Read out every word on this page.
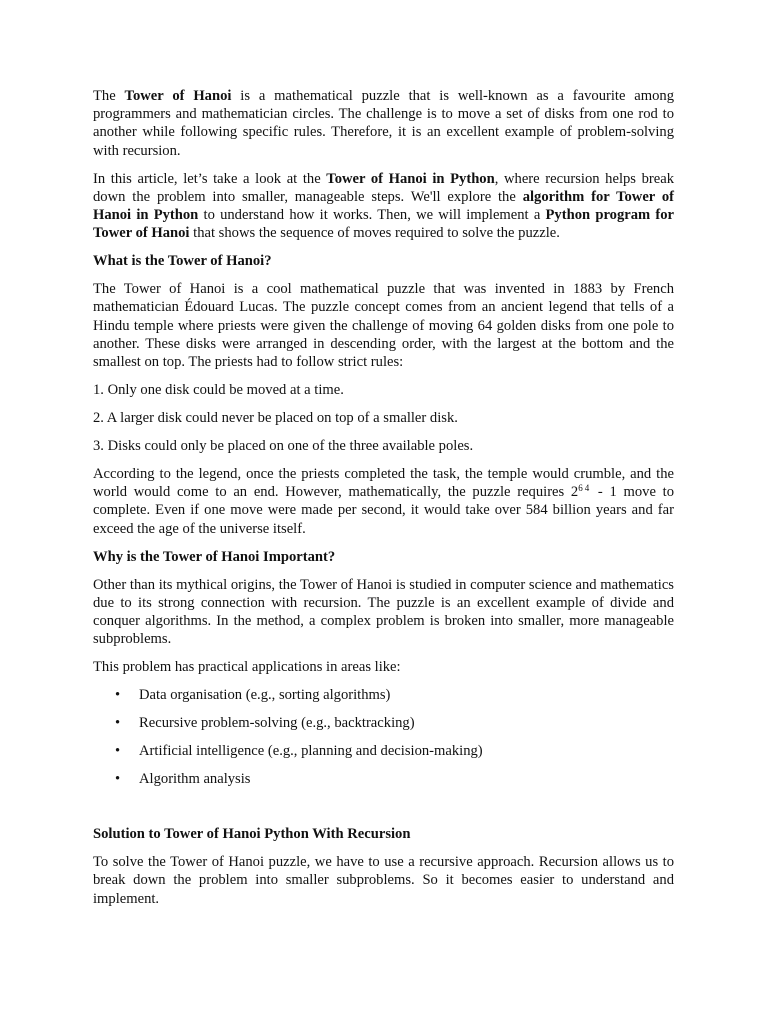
The Tower of Hanoi is a mathematical puzzle that is well-known as a favourite among programmers and mathematician circles. The challenge is to move a set of disks from one rod to another while following specific rules. Therefore, it is an excellent example of problem-solving with recursion.

In this article, let’s take a look at the Tower of Hanoi in Python, where recursion helps break down the problem into smaller, manageable steps. We'll explore the algorithm for Tower of Hanoi in Python to understand how it works. Then, we will implement a Python program for Tower of Hanoi that shows the sequence of moves required to solve the puzzle.

What is the Tower of Hanoi?

The Tower of Hanoi is a cool mathematical puzzle that was invented in 1883 by French mathematician Édouard Lucas. The puzzle concept comes from an ancient legend that tells of a Hindu temple where priests were given the challenge of moving 64 golden disks from one pole to another. These disks were arranged in descending order, with the largest at the bottom and the smallest on top. The priests had to follow strict rules:

1. Only one disk could be moved at a time.

2. A larger disk could never be placed on top of a smaller disk.

3. Disks could only be placed on one of the three available poles.

According to the legend, once the priests completed the task, the temple would crumble, and the world would come to an end. However, mathematically, the puzzle requires $2^{64} - 1$ move to complete. Even if one move were made per second, it would take over 584 billion years and far exceed the age of the universe itself.

Why is the Tower of Hanoi Important?

Other than its mythical origins, the Tower of Hanoi is studied in computer science and mathematics due to its strong connection with recursion. The puzzle is an excellent example of divide and conquer algorithms. In the method, a complex problem is broken into smaller, more manageable subproblems.

This problem has practical applications in areas like:

• Data organisation (e.g., sorting algorithms)
• Recursive problem-solving (e.g., backtracking)
• Artificial intelligence (e.g., planning and decision-making)
• Algorithm analysis

Solution to Tower of Hanoi Python With Recursion

To solve the Tower of Hanoi puzzle, we have to use a recursive approach. Recursion allows us to break down the problem into smaller subproblems. So it becomes easier to understand and implement.
